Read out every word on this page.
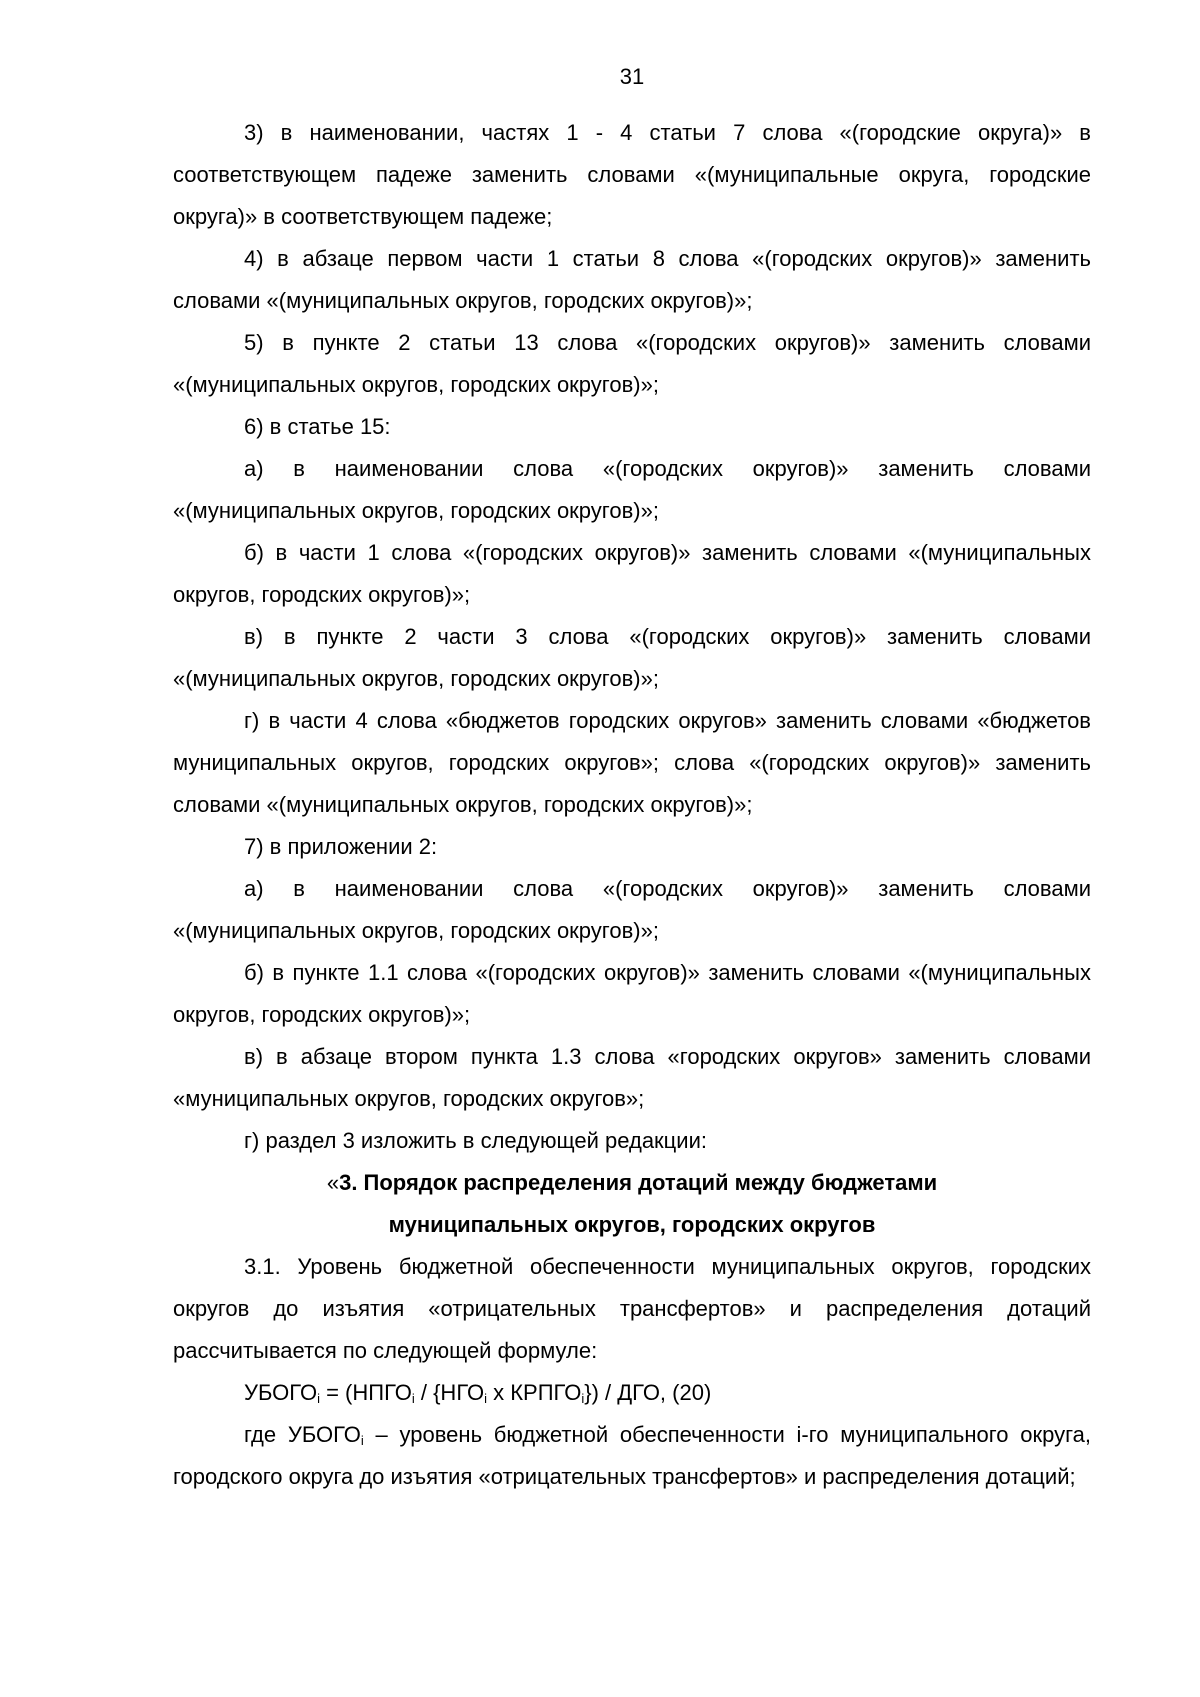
31

3) в наименовании, частях 1 - 4 статьи 7 слова «(городские округа)» в соответствующем падеже заменить словами «(муниципальные округа, городские округа)» в соответствующем падеже;

4) в абзаце первом части 1 статьи 8 слова «(городских округов)» заменить словами «(муниципальных округов, городских округов)»;

5) в пункте 2 статьи 13 слова «(городских округов)» заменить словами «(муниципальных округов, городских округов)»;

6) в статье 15:

а) в наименовании слова «(городских округов)» заменить словами «(муниципальных округов, городских округов)»;

б) в части 1 слова «(городских округов)» заменить словами «(муниципальных округов, городских округов)»;

в) в пункте 2 части 3 слова «(городских округов)» заменить словами «(муниципальных округов, городских округов)»;

г) в части 4 слова «бюджетов городских округов» заменить словами «бюджетов муниципальных округов, городских округов»; слова «(городских округов)» заменить словами «(муниципальных округов, городских округов)»;

7) в приложении 2:

а) в наименовании слова «(городских округов)» заменить словами «(муниципальных округов, городских округов)»;

б) в пункте 1.1 слова «(городских округов)» заменить словами «(муниципальных округов, городских округов)»;

в) в абзаце втором пункта 1.3 слова «городских округов» заменить словами «муниципальных округов, городских округов»;

г) раздел 3 изложить в следующей редакции:

«3. Порядок распределения дотаций между бюджетами

муниципальных округов, городских округов

3.1. Уровень бюджетной обеспеченности муниципальных округов, городских округов до изъятия «отрицательных трансфертов» и распределения дотаций рассчитывается по следующей формуле:

$УБОГО_i$ = ($НПГО_i / \{НГО_i$ x $КРПГО_i$}) / ДГО, (20)

где $УБОГО_i$ – уровень бюджетной обеспеченности i-го муниципального округа, городского округа до изъятия «отрицательных трансфертов» и распределения дотаций;
